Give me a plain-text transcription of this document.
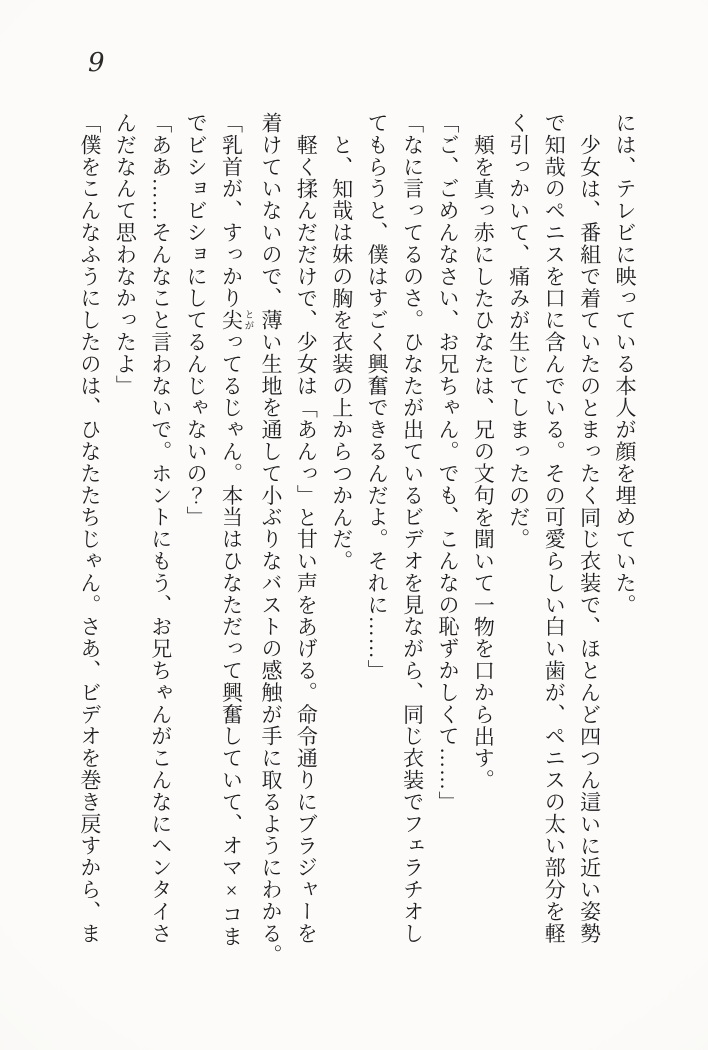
9
には、テレビに映っている本人が顔を埋めていた。
少女は、番組で着ていたのとまったく同じ衣装で、ほとんど四つん這いに近い姿勢
で知哉のペニスを口に含んでいる。その可愛らしい白い歯が、ペニスの太い部分を軽
く引っかいて、痛みが生じてしまったのだ。
頬を真っ赤にしたひなたは、兄の文句を聞いて一物を口から出す。
「ご、ごめんなさい、お兄ちゃん。でも、こんなの恥ずかしくて……」
「なに言ってるのさ。ひなたが出ているビデオを見ながら、同じ衣装でフェラチオし
てもらうと、僕はすごく興奮できるんだよ。それに……」
と、知哉は妹の胸を衣装の上からつかんだ。
軽く揉んだだけで、少女は「あんっ」と甘い声をあげる。命令通りにブラジャーを
着けていないので、薄い生地を通して小ぶりなバストの感触が手に取るようにわかる。
「乳首が、すっかり尖 とがってるじゃん。本当はひなただって興奮していて、オマ×コま
でビショビショにしてるんじゃないの？」
「ああ……そんなこと言わないで。ホントにもう、お兄ちゃんがこんなにヘンタイさ
んだなんて思わなかったよ」
「僕をこんなふうにしたのは、ひなたたちじゃん。さあ、ビデオを巻き戻すから、ま
